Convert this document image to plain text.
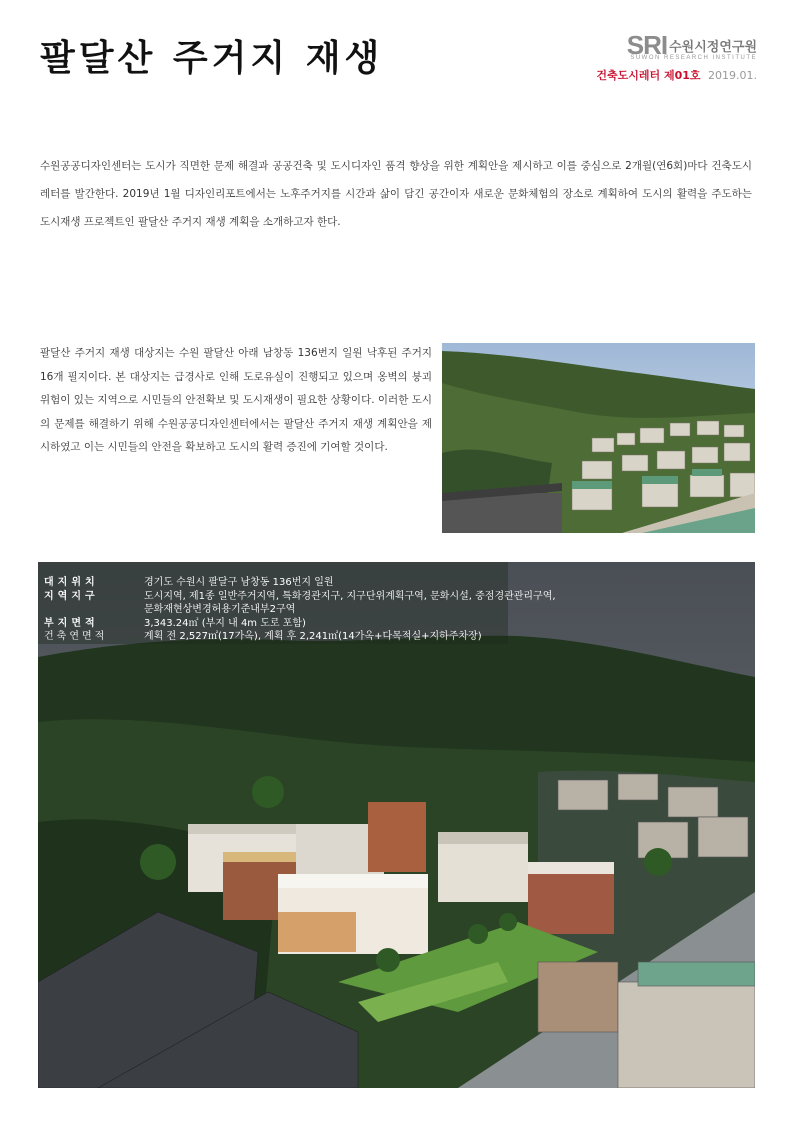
팔달산 주거지 재생	SRI 수원시정연구원
SUWON RESEARCH INSTITUTE
건축도시레터 제01호 2019.01.

수원공공디자인센터는 도시가 직면한 문제 해결과 공공건축 및 도시디자인 품격 향상을 위한 계획안을 제시하고 이를 중심으로 2개월(연6회)마다 건축도시레터를 발간한다. 2019년 1월 디자인리포트에서는 노후주거지를 시간과 삶이 담긴 공간이자 새로운 문화체험의 장소로 계획하여 도시의 활력을 주도하는 도시재생 프로젝트인 팔달산 주거지 재생 계획을 소개하고자 한다.

팔달산 주거지 재생 대상지는 수원 팔달산 아래 남창동 136번지 일원 낙후된 주거지 16개 필지이다. 본 대상지는 급경사로 인해 도로유실이 진행되고 있으며 옹벽의 붕괴 위험이 있는 지역으로 시민들의 안전확보 및 도시재생이 필요한 상황이다. 이러한 도시의 문제를 해결하기 위해 수원공공디자인센터에서는 팔달산 주거지 재생 계획안을 제시하였고 이는 시민들의 안전을 확보하고 도시의 활력 증진에 기여할 것이다.

대지위치	경기도 수원시 팔달구 남창동 136번지 일원
지역지구	도시지역, 제1종 일반주거지역, 특화경관지구, 지구단위계획구역, 문화시설, 중점경관관리구역,
문화재현상변경허용기준내부2구역
부지면적	3,343.24㎡ (부지 내 4m 도로 포함)
건축연면적	계획 전 2,527㎡(17가옥), 계획 후 2,241㎡(14가옥+다목적실+지하주차장)
